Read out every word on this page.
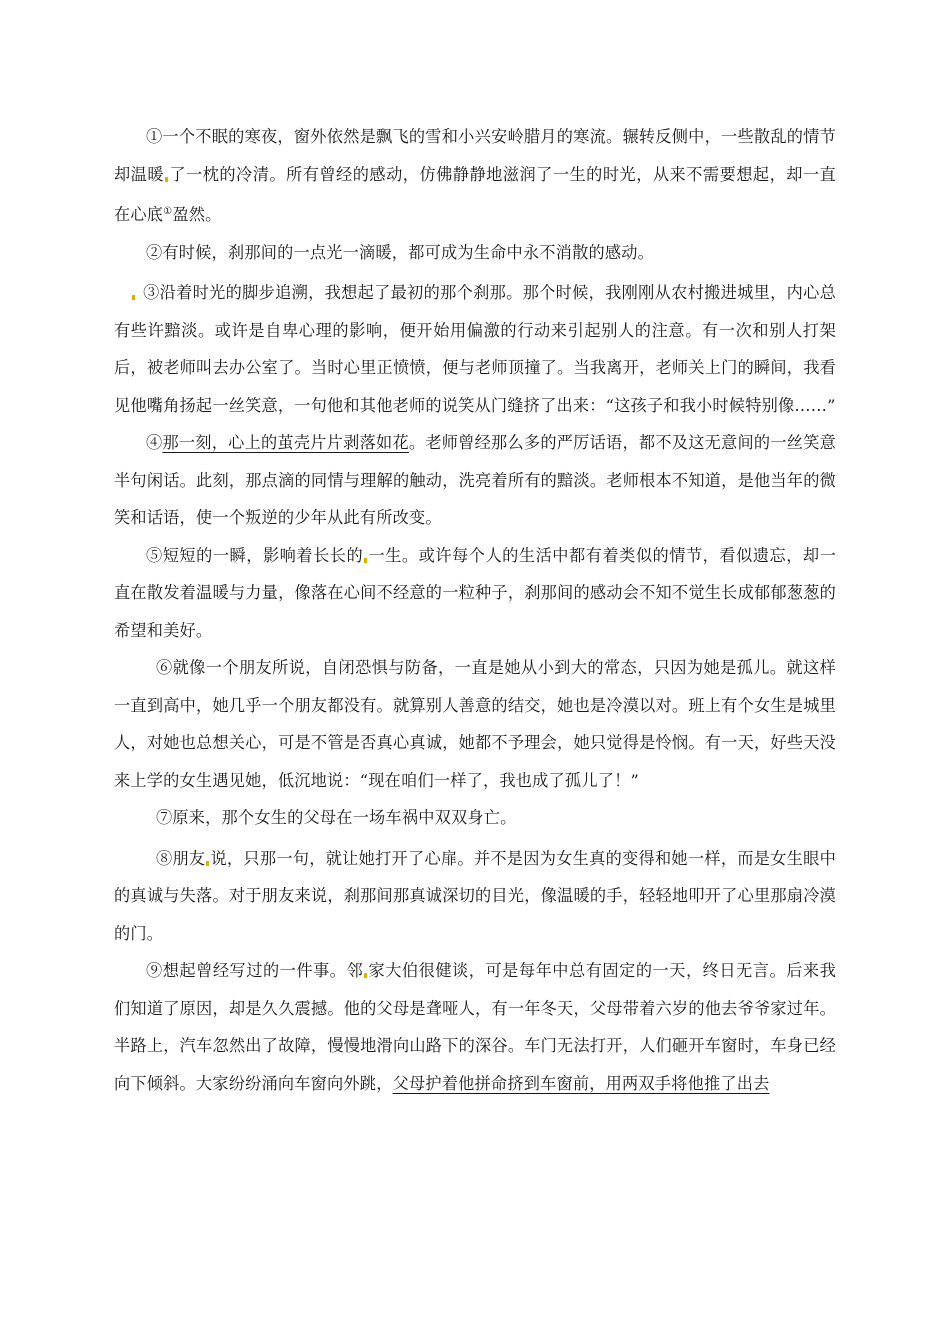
①一个不眠的寒夜，窗外依然是飘飞的雪和小兴安岭腊月的寒流。辗转反侧中，一些散乱的情节却温暖 了一枕的冷清。所有曾经的感动，仿佛静静地滋润了一生的时光，从来不需要想起，却一直在心底①盈然。

②有时候，刹那间的一点光一滴暖，都可成为生命中永不消散的感动。

③沿着时光的脚步追溯，我想起了最初的那个刹那。那个时候，我刚刚从农村搬进城里，内心总有些许黯淡。或许是自卑心理的影响，便开始用偏激的行动来引起别人的注意。有一次和别人打架后，被老师叫去办公室了。当时心里正愤愤，便与老师顶撞了。当我离开，老师关上门的瞬间，我看见他嘴角扬起一丝笑意，一句他和其他老师的说笑从门缝挤了出来：“这孩子和我小时候特别像……”

④那一刻，心上的茧壳片片剥落如花。老师曾经那么多的严厉话语，都不及这无意间的一丝笑意半句闲话。此刻，那点滴的同情与理解的触动，洗亮着所有的黯淡。老师根本不知道，是他当年的微笑和话语，使一个叛逆的少年从此有所改变。

⑤短短的一瞬，影响着长长的 一生。或许每个人的生活中都有着类似的情节，看似遗忘，却一直在散发着温暖与力量，像落在心间不经意的一粒种子，刹那间的感动会不知不觉生长成郁郁葱葱的希望和美好。

⑥就像一个朋友所说，自闭恐惧与防备，一直是她从小到大的常态，只因为她是孤儿。就这样一直到高中，她几乎一个朋友都没有。就算别人善意的结交，她也是冷漠以对。班上有个女生是城里人，对她也总想关心，可是不管是否真心真诚，她都不予理会，她只觉得是怜悯。有一天，好些天没来上学的女生遇见她，低沉地说：“现在咱们一样了，我也成了孤儿了！”

⑦原来，那个女生的父母在一场车祸中双双身亡。

⑧朋友 说，只那一句，就让她打开了心扉。并不是因为女生真的变得和她一样，而是女生眼中的真诚与失落。对于朋友来说，刹那间那真诚深切的目光，像温暖的手，轻轻地叩开了心里那扇冷漠的门。

⑨想起曾经写过的一件事。邻 家大伯很健谈，可是每年中总有固定的一天，终日无言。后来我们知道了原因，却是久久震撼。他的父母是聋哑人，有一年冬天，父母带着六岁的他去爷爷家过年。半路上，汽车忽然出了故障，慢慢地滑向山路下的深谷。车门无法打开，人们砸开车窗时，车身已经向下倾斜。大家纷纷涌向车窗向外跳，父母护着他拼命挤到车窗前，用两双手将他推了出去
